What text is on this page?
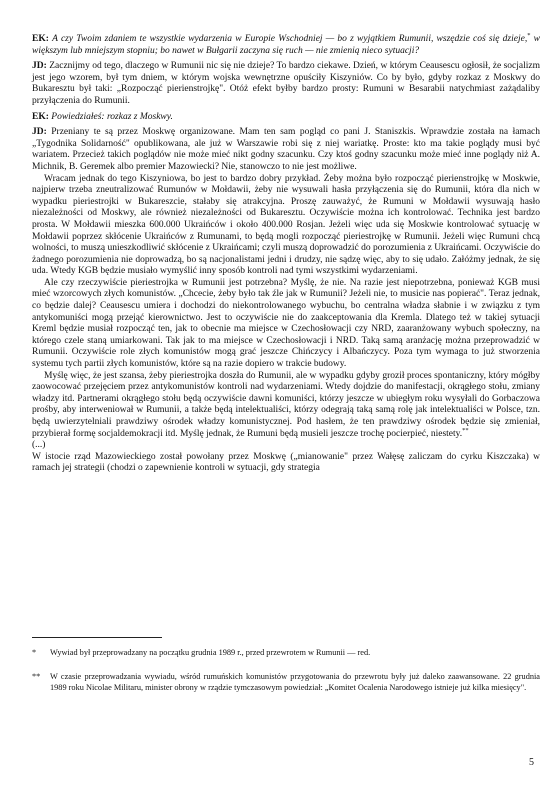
EK: A czy Twoim zdaniem te wszystkie wydarzenia w Europie Wschodniej — bo z wyjątkiem Rumunii, wszędzie coś się dzieje,* w większym lub mniejszym stopniu; bo nawet w Bułgarii zaczyna się ruch — nie zmienią nieco sytuacji?

JD: Zacznijmy od tego, dlaczego w Rumunii nic się nie dzieje? To bardzo ciekawe. Dzień, w którym Ceausescu ogłosił, że socjalizm jest jego wzorem, był tym dniem, w którym wojska wewnętrzne opuściły Kiszyniów. Co by było, gdyby rozkaz z Moskwy do Bukaresztu był taki: „Rozpocząć pierienstrojkę". Otóż efekt byłby bardzo prosty: Rumuni w Besarabii natychmiast zażądaliby przyłączenia do Rumunii.

EK: Powiedziałeś: rozkaz z Moskwy.

JD: Przeniany te są przez Moskwę organizowane. Mam ten sam pogląd co pani J. Staniszkis. Wprawdzie została na łamach „Tygodnika Solidarność" opublikowana, ale już w Warszawie robi się z niej wariatkę. Proste: kto ma takie poglądy musi być wariatem. Przecież takich poglądów nie może mieć nikt godny szacunku. Czy ktoś godny szacunku może mieć inne poglądy niż A. Michnik, B. Geremek albo premier Mazowiecki? Nie, stanowczo to nie jest możliwe.

Wracam jednak do tego Kiszyniowa, bo jest to bardzo dobry przykład. Żeby można było rozpocząć pierienstrojkę w Moskwie, najpierw trzeba zneutralizować Rumunów w Mołdawii, żeby nie wysuwali hasła przyłączenia się do Rumunii, która dla nich w wypadku pieriestrojki w Bukareszcie, stałaby się atrakcyjna. Proszę zauważyć, że Rumuni w Mołdawii wysuwają hasło niezależności od Moskwy, ale również niezależności od Bukaresztu. Oczywiście można ich kontrolować. Technika jest bardzo prosta. W Mołdawii mieszka 600.000 Ukraińców i około 400.000 Rosjan. Jeżeli więc uda się Moskwie kontrolować sytuację w Mołdawii poprzez skłócenie Ukraińców z Rumunami, to będą mogli rozpocząć pieriestrojkę w Rumunii. Jeżeli więc Rumuni chcą wolności, to muszą unieszkodliwić skłócenie z Ukraińcami; czyli muszą doprowadzić do porozumienia z Ukraińcami. Oczywiście do żadnego porozumienia nie doprowadzą, bo są nacjonalistami jedni i drudzy, nie sądzę więc, aby to się udało. Załóżmy jednak, że się uda. Wtedy KGB będzie musiało wymyślić inny sposób kontroli nad tymi wszystkimi wydarzeniami.

Ale czy rzeczywiście pieriestrojka w Rumunii jest potrzebna? Myślę, że nie. Na razie jest niepotrzebna, ponieważ KGB musi mieć wzorcowych złych komunistów. „Chcecie, żeby było tak źle jak w Rumunii? Jeżeli nie, to musicie nas popierać". Teraz jednak, co będzie dalej? Ceausescu umiera i dochodzi do niekontrolowanego wybuchu, bo centralna władza słabnie i w związku z tym antykomuniści mogą przejąć kierownictwo. Jest to oczywiście nie do zaakceptowania dla Kremla. Dlatego też w takiej sytuacji Kreml będzie musiał rozpocząć ten, jak to obecnie ma miejsce w Czechosłowacji czy NRD, zaaranżowany wybuch społeczny, na którego czele staną umiarkowani. Tak jak to ma miejsce w Czechosłowacji i NRD. Taką samą aranżację można przeprowadzić w Rumunii. Oczywiście role złych komunistów mogą grać jeszcze Chińczycy i Albańczycy. Poza tym wymaga to już stworzenia systemu tych partii złych komunistów, które są na razie dopiero w trakcie budowy.

Myślę więc, że jest szansa, żeby pieriestrojka doszła do Rumunii, ale w wypadku gdyby groził proces spontaniczny, który mógłby zaowocować przejęciem przez antykomunistów kontroli nad wydarzeniami. Wtedy dojdzie do manifestacji, okrągłego stołu, zmiany władzy itd. Partnerami okrągłego stołu będą oczywiście dawni komuniści, którzy jeszcze w ubiegłym roku wysyłali do Gorbaczowa prośby, aby interweniował w Rumunii, a także będą intelektualiści, którzy odegrają taką samą rolę jak intelektualiści w Polsce, tzn. będą uwierzytelniali prawdziwy ośrodek władzy komunistycznej. Pod hasłem, że ten prawdziwy ośrodek będzie się zmieniał, przybierał formę socjaldemokracji itd. Myślę jednak, że Rumuni będą musieli jeszcze trochę pocierpieć, niestety.**

(...)

W istocie rząd Mazowieckiego został powołany przez Moskwę („mianowanie" przez Wałęsę zaliczam do cyrku Kiszczaka) w ramach jej strategii (chodzi o zapewnienie kontroli w sytuacji, gdy strategia

*	Wywiad był przeprowadzany na początku grudnia 1989 r., przed przewrotem w Rumunii — red.
**	W czasie przeprowadzania wywiadu, wśród rumuńskich komunistów przygotowania do przewrotu były już daleko zaawansowane. 22 grudnia 1989 roku Nicolae Militaru, minister obrony w rządzie tymczasowym powiedział: „Komitet Ocalenia Narodowego istnieje już kilka miesięcy".
5
